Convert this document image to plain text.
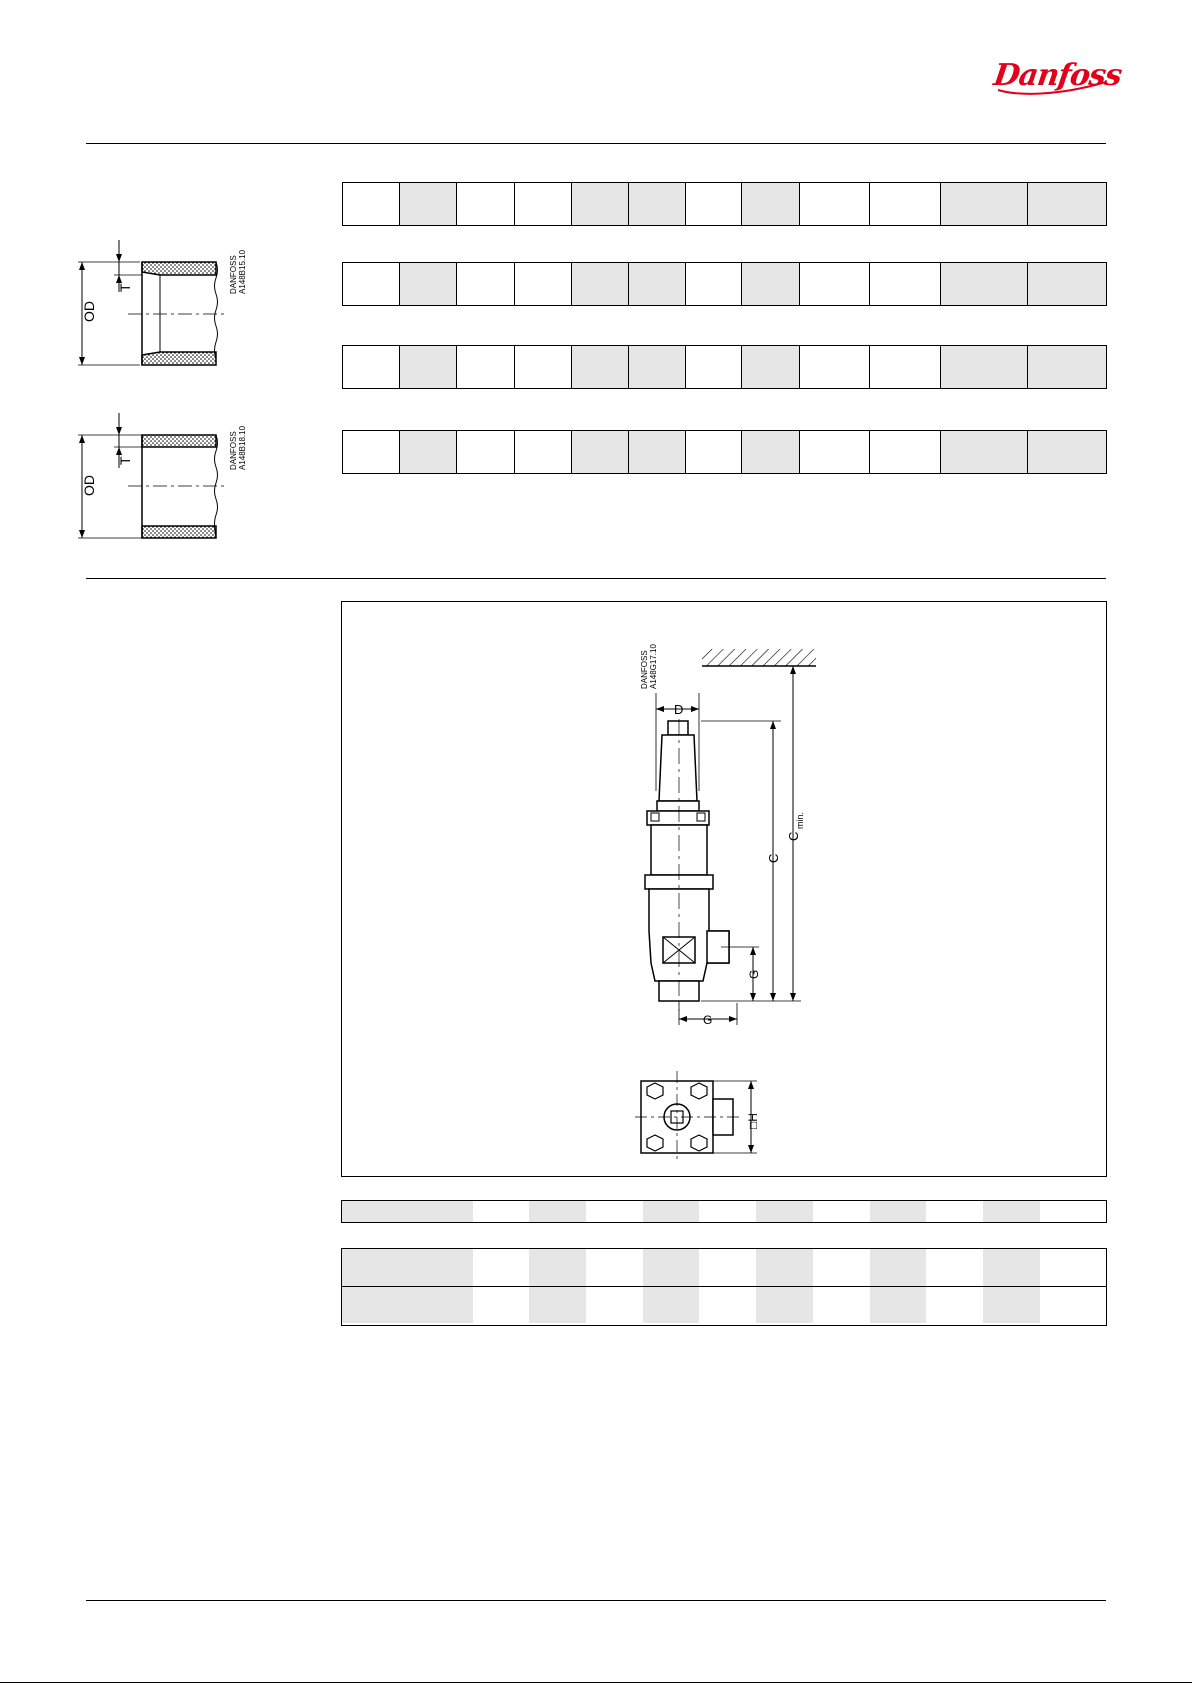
Danfoss
OD
T	DANFOSS A148B15.10
OD
T	DANFOSS A148B18.10
DANFOSS A148G17.10
D
C
C
min.
G
G
□H
